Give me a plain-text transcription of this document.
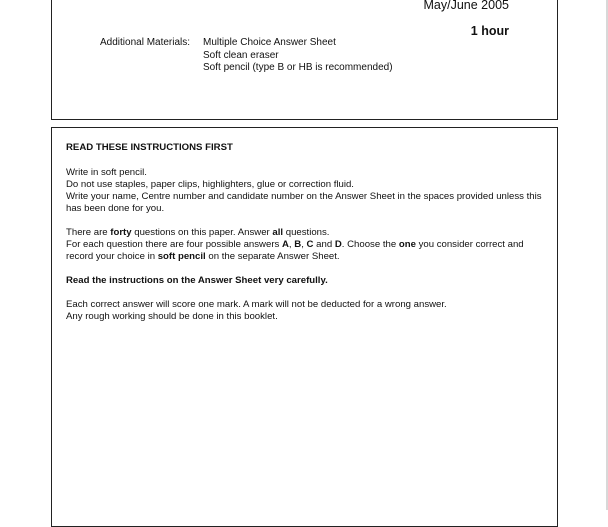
May/June 2005
1 hour
Additional Materials: Multiple Choice Answer Sheet
Soft clean eraser
Soft pencil (type B or HB is recommended)
READ THESE INSTRUCTIONS FIRST

Write in soft pencil.
Do not use staples, paper clips, highlighters, glue or correction fluid.
Write your name, Centre number and candidate number on the Answer Sheet in the spaces provided unless this has been done for you.

There are forty questions on this paper. Answer all questions.
For each question there are four possible answers A, B, C and D. Choose the one you consider correct and record your choice in soft pencil on the separate Answer Sheet.

Read the instructions on the Answer Sheet very carefully.

Each correct answer will score one mark. A mark will not be deducted for a wrong answer.
Any rough working should be done in this booklet.
